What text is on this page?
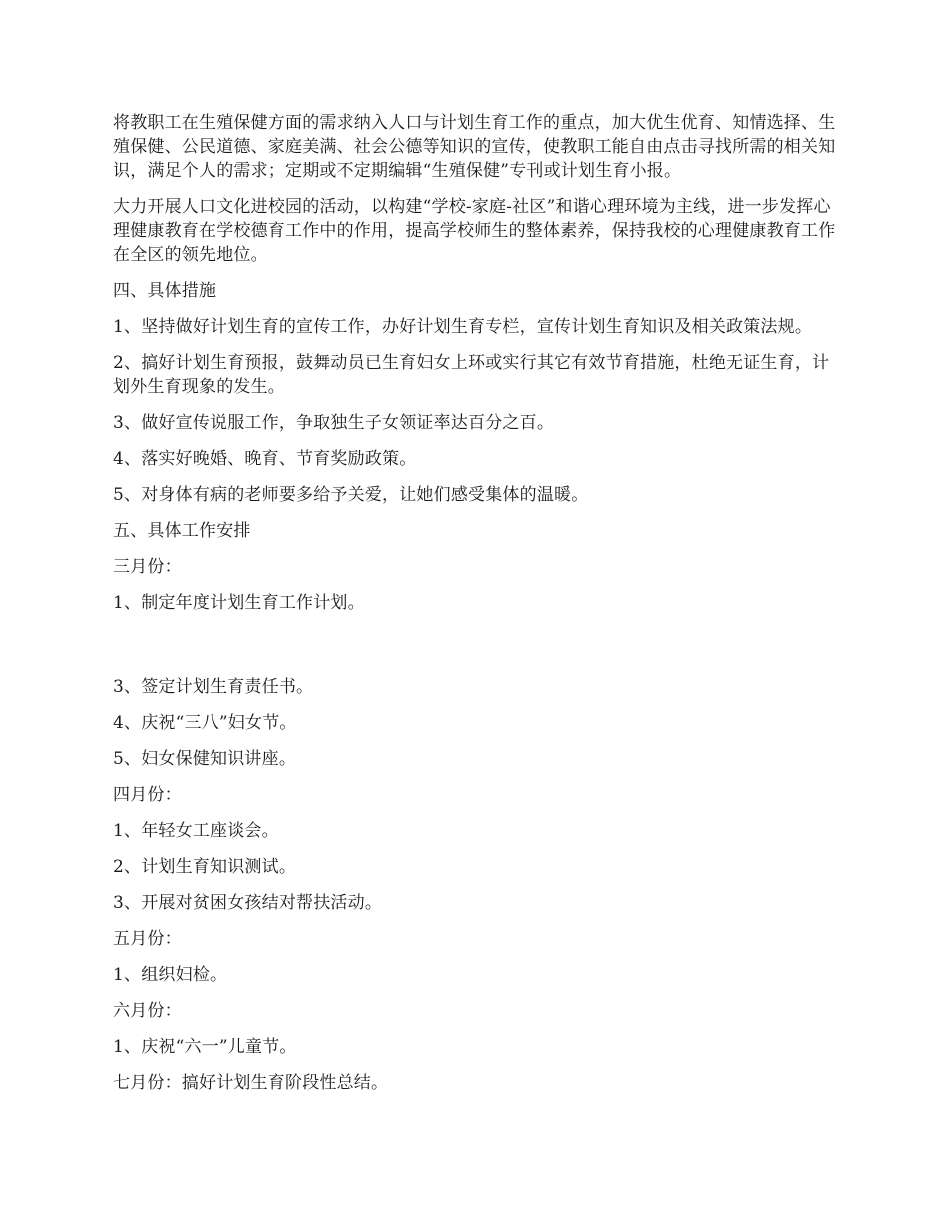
将教职工在生殖保健方面的需求纳入人口与计划生育工作的重点，加大优生优育、知情选择、生殖保健、公民道德、家庭美满、社会公德等知识的宣传，使教职工能自由点击寻找所需的相关知识，满足个人的需求；定期或不定期编辑“生殖保健”专刊或计划生育小报。

大力开展人口文化进校园的活动，以构建“学校-家庭-社区”和谐心理环境为主线，进一步发挥心理健康教育在学校德育工作中的作用，提高学校师生的整体素养，保持我校的心理健康教育工作在全区的领先地位。

四、具体措施

1、坚持做好计划生育的宣传工作，办好计划生育专栏，宣传计划生育知识及相关政策法规。

2、搞好计划生育预报，鼓舞动员已生育妇女上环或实行其它有效节育措施，杜绝无证生育，计划外生育现象的发生。

3、做好宣传说服工作，争取独生子女领证率达百分之百。

4、落实好晚婚、晚育、节育奖励政策。

5、对身体有病的老师要多给予关爱，让她们感受集体的温暖。

五、具体工作安排

三月份：

1、制定年度计划生育工作计划。

3、签定计划生育责任书。

4、庆祝“三八”妇女节。

5、妇女保健知识讲座。

四月份：

1、年轻女工座谈会。

2、计划生育知识测试。

3、开展对贫困女孩结对帮扶活动。

五月份：

1、组织妇检。

六月份：

1、庆祝“六一”儿童节。

七月份：搞好计划生育阶段性总结。
